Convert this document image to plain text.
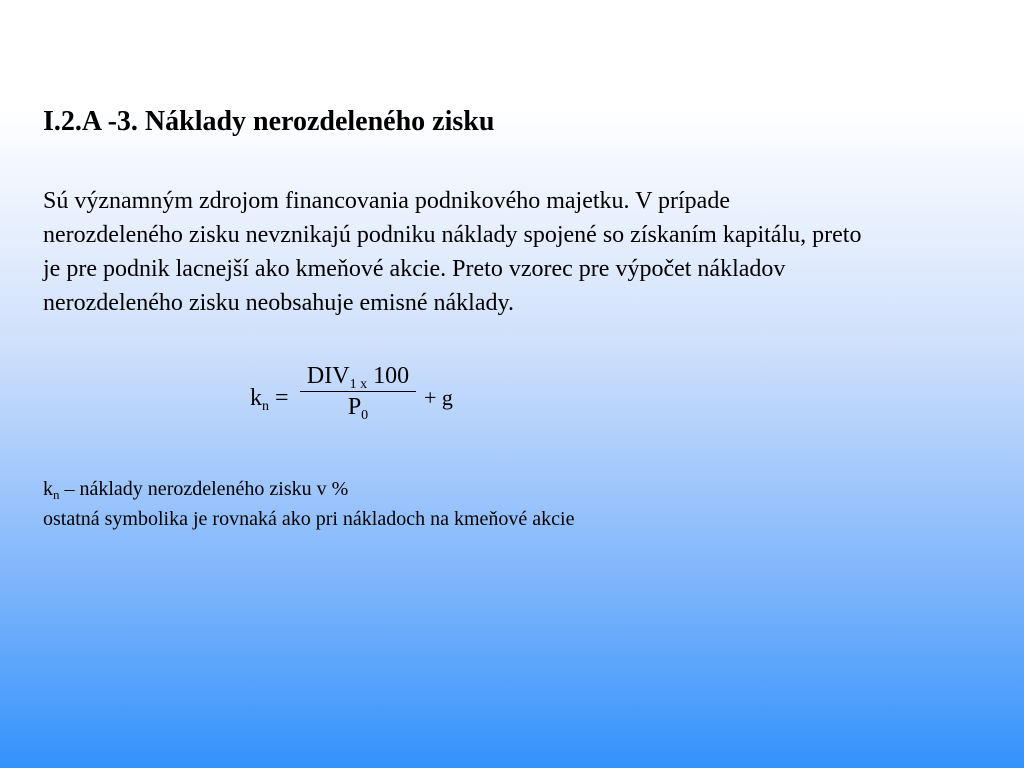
I.2.A -3. Náklady nerozdeleného zisku
Sú významným zdrojom financovania podnikového majetku. V prípade
nerozdeleného zisku nevznikajú podniku náklady spojené so získaním kapitálu, preto
je pre podnik lacnejší ako kmeňové akcie. Preto vzorec pre výpočet nákladov
nerozdeleného zisku neobsahuje emisné náklady.
$k_n$ =
$DIV_{1 x}$ 100
$P_0$
+ g
$k_n$ – náklady nerozdeleného zisku v %
ostatná symbolika je rovnaká ako pri nákladoch na kmeňové akcie
